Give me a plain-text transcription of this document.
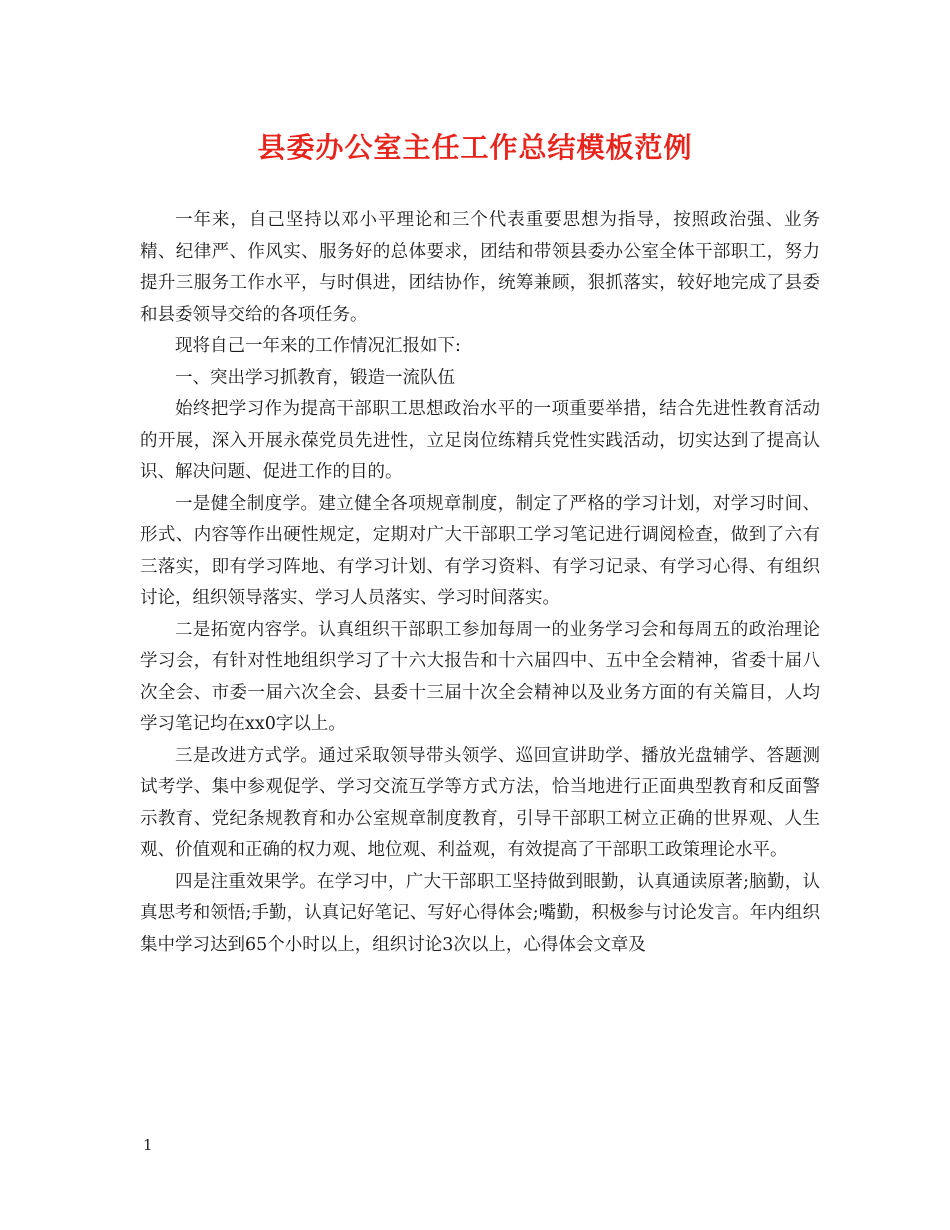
县委办公室主任工作总结模板范例

一年来，自己坚持以邓小平理论和三个代表重要思想为指导，按照政治强、业务精、纪律严、作风实、服务好的总体要求，团结和带领县委办公室全体干部职工，努力提升三服务工作水平，与时俱进，团结协作，统筹兼顾，狠抓落实，较好地完成了县委和县委领导交给的各项任务。

现将自己一年来的工作情况汇报如下:

一、突出学习抓教育，锻造一流队伍

始终把学习作为提高干部职工思想政治水平的一项重要举措，结合先进性教育活动的开展，深入开展永葆党员先进性，立足岗位练精兵党性实践活动，切实达到了提高认识、解决问题、促进工作的目的。

一是健全制度学。建立健全各项规章制度，制定了严格的学习计划，对学习时间、形式、内容等作出硬性规定，定期对广大干部职工学习笔记进行调阅检查，做到了六有三落实，即有学习阵地、有学习计划、有学习资料、有学习记录、有学习心得、有组织讨论，组织领导落实、学习人员落实、学习时间落实。

二是拓宽内容学。认真组织干部职工参加每周一的业务学习会和每周五的政治理论学习会，有针对性地组织学习了十六大报告和十六届四中、五中全会精神，省委十届八次全会、市委一届六次全会、县委十三届十次全会精神以及业务方面的有关篇目，人均学习笔记均在xx0字以上。

三是改进方式学。通过采取领导带头领学、巡回宣讲助学、播放光盘辅学、答题测试考学、集中参观促学、学习交流互学等方式方法，恰当地进行正面典型教育和反面警示教育、党纪条规教育和办公室规章制度教育，引导干部职工树立正确的世界观、人生观、价值观和正确的权力观、地位观、利益观，有效提高了干部职工政策理论水平。

四是注重效果学。在学习中，广大干部职工坚持做到眼勤，认真通读原著;脑勤，认真思考和领悟;手勤，认真记好笔记、写好心得体会;嘴勤，积极参与讨论发言。年内组织集中学习达到65个小时以上，组织讨论3次以上，心得体会文章及

1
